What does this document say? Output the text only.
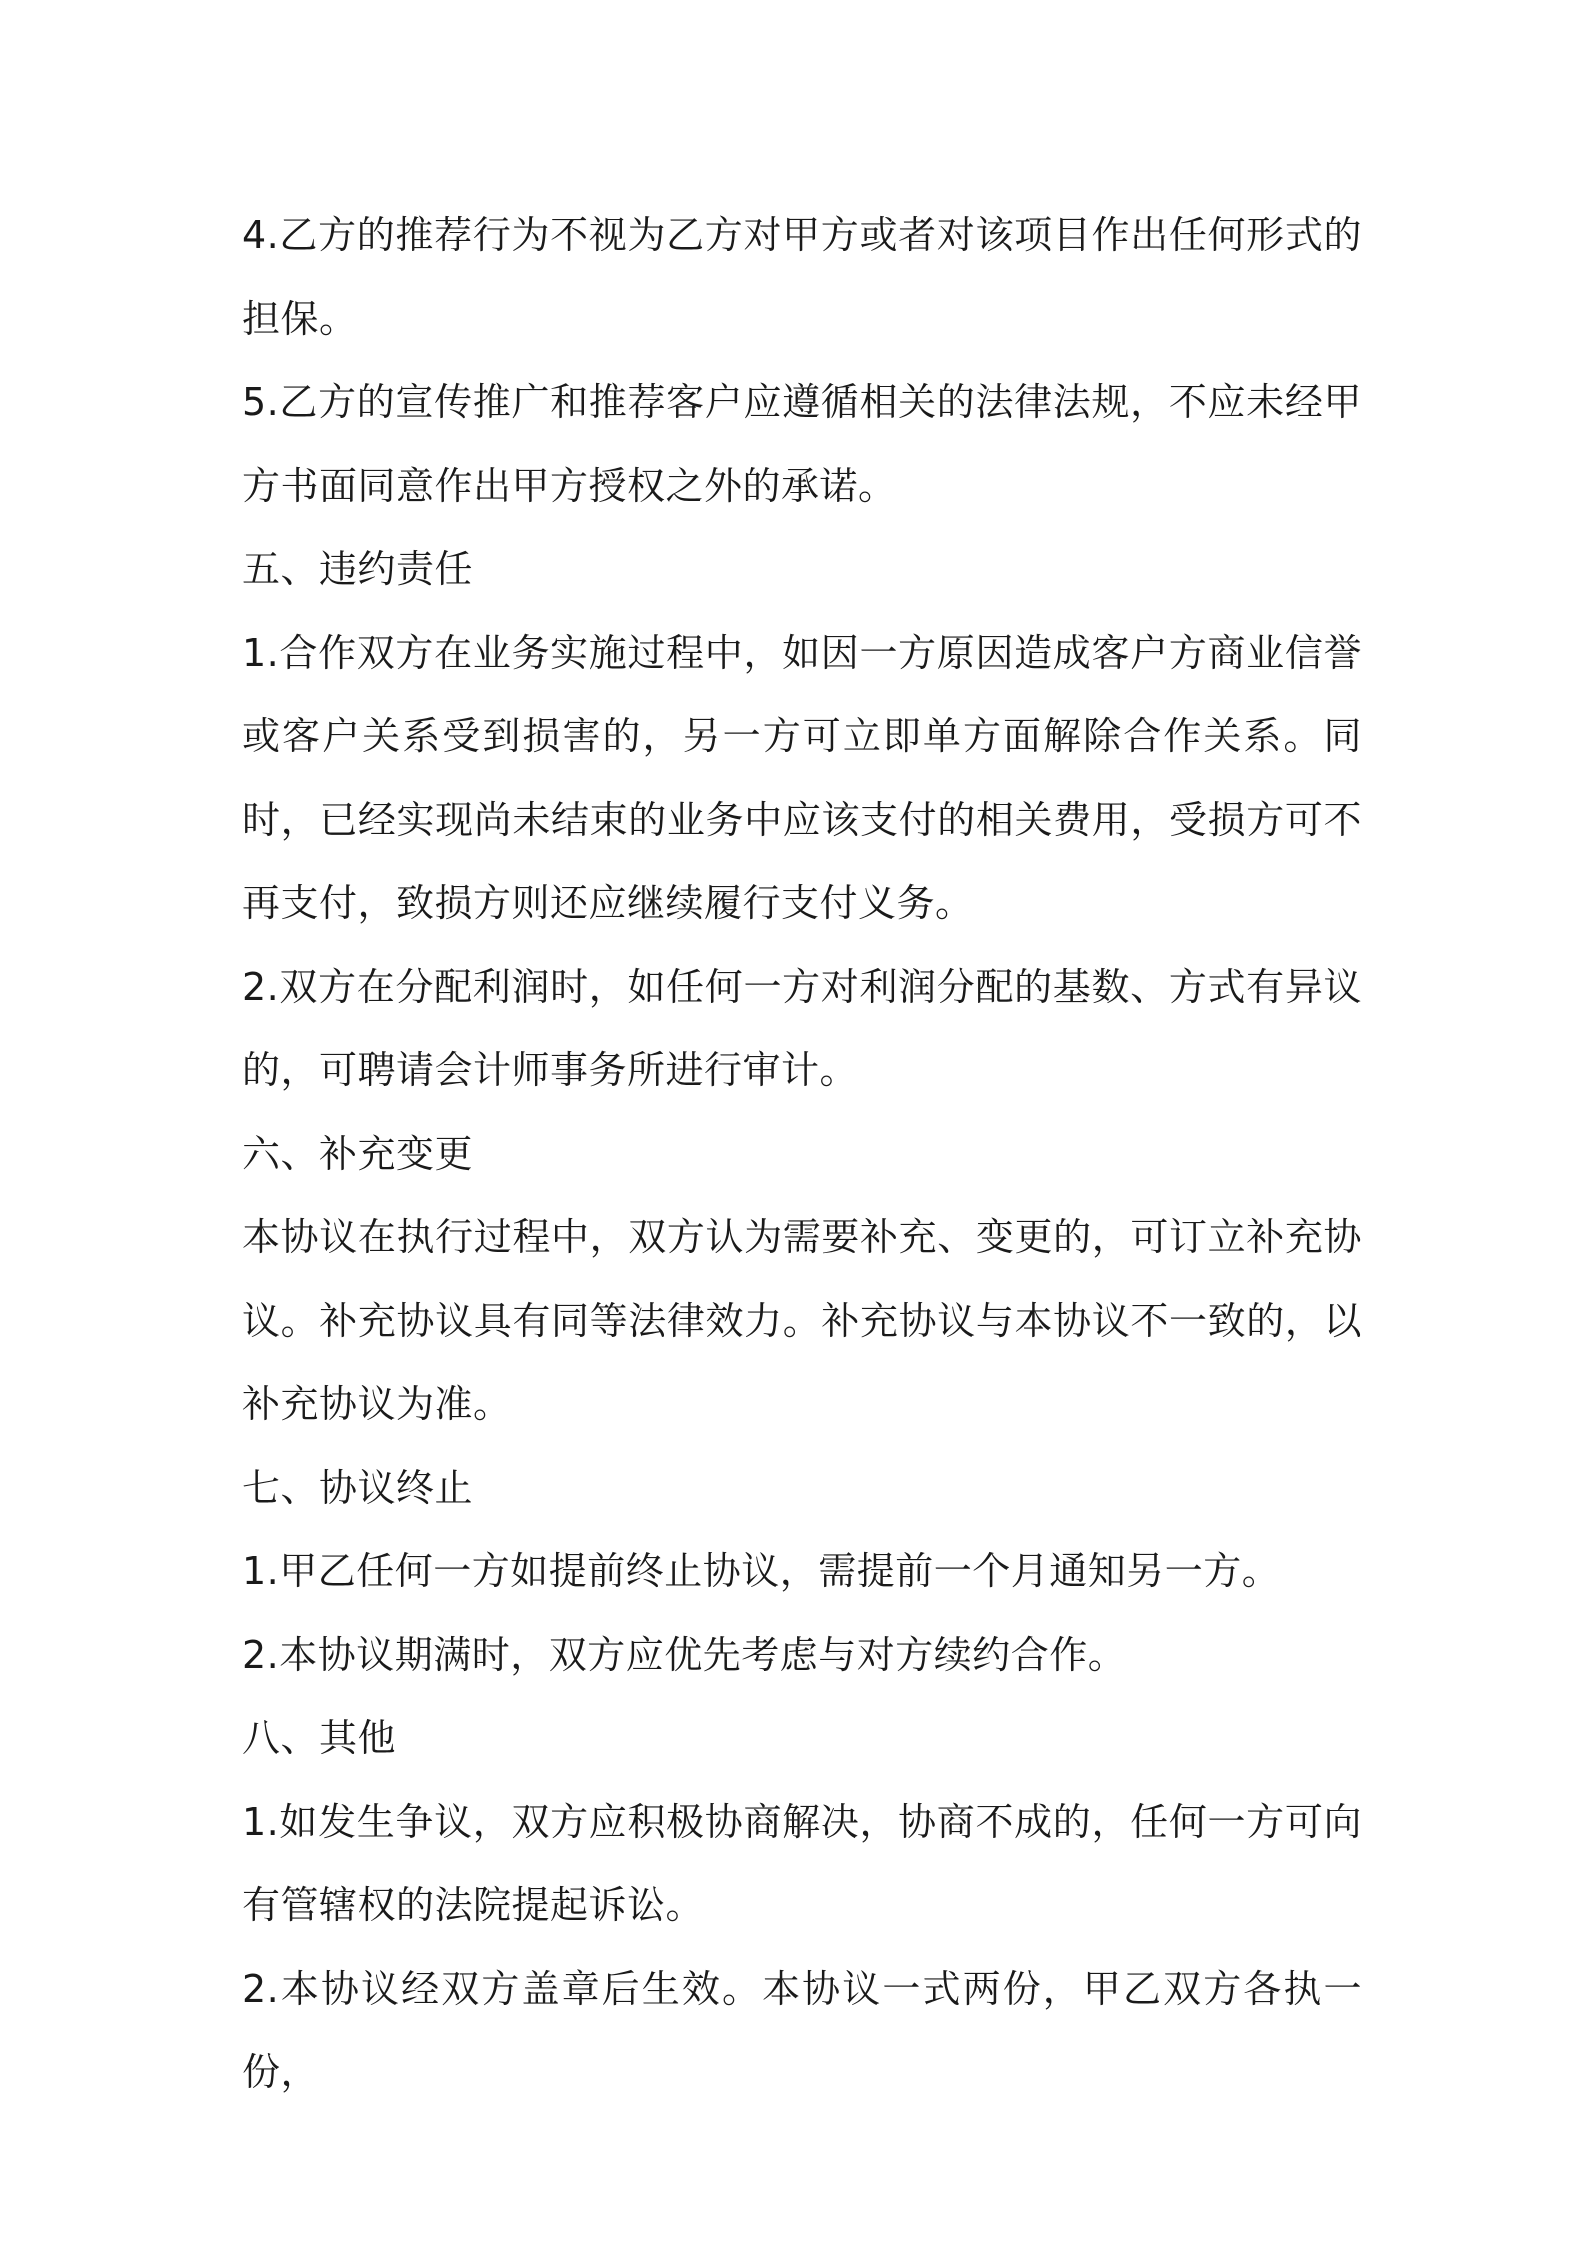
4.乙方的推荐行为不视为乙方对甲方或者对该项目作出任何形式的担保。

5.乙方的宣传推广和推荐客户应遵循相关的法律法规，不应未经甲方书面同意作出甲方授权之外的承诺。

五、违约责任

1.合作双方在业务实施过程中，如因一方原因造成客户方商业信誉或客户关系受到损害的，另一方可立即单方面解除合作关系。同时，已经实现尚未结束的业务中应该支付的相关费用，受损方可不再支付，致损方则还应继续履行支付义务。

2.双方在分配利润时，如任何一方对利润分配的基数、方式有异议的，可聘请会计师事务所进行审计。

六、补充变更

本协议在执行过程中，双方认为需要补充、变更的，可订立补充协议。补充协议具有同等法律效力。补充协议与本协议不一致的，以补充协议为准。

七、协议终止

1.甲乙任何一方如提前终止协议，需提前一个月通知另一方。

2.本协议期满时，双方应优先考虑与对方续约合作。

八、其他

1.如发生争议，双方应积极协商解决，协商不成的，任何一方可向有管辖权的法院提起诉讼。

2.本协议经双方盖章后生效。本协议一式两份，甲乙双方各执一份，
